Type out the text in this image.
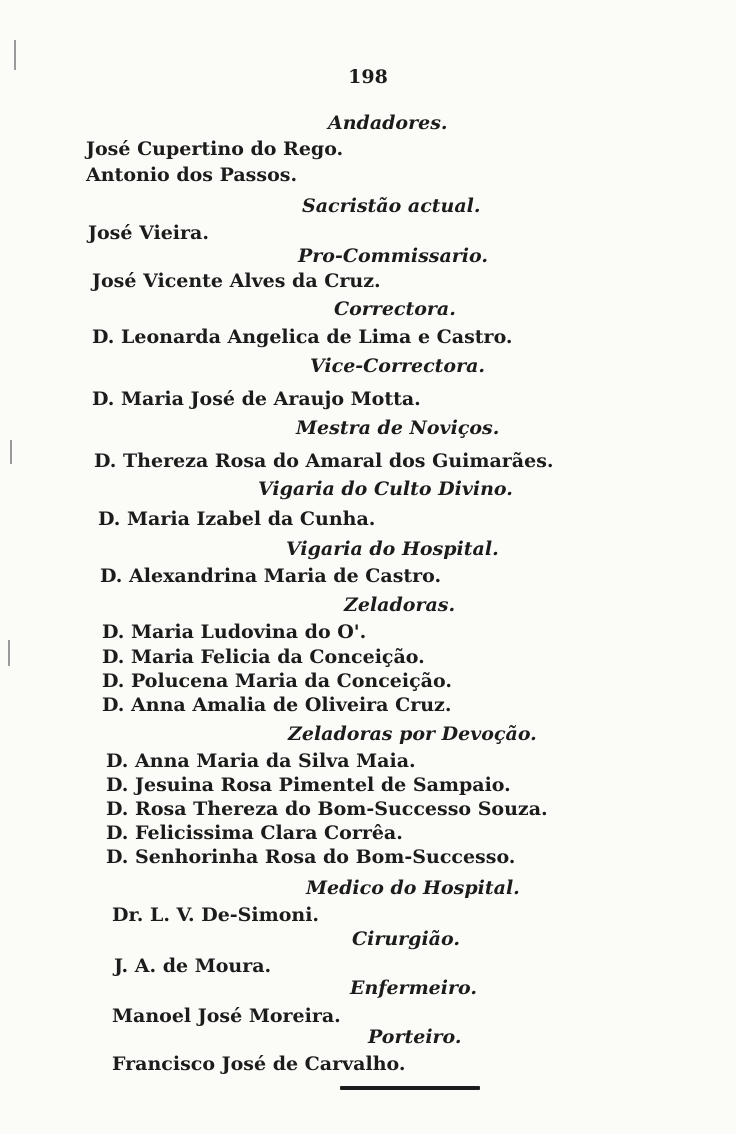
198
Andadores.
José Cupertino do Rego.
Antonio dos Passos.
Sacristão actual.
José Vieira.
Pro-Commissario.
José Vicente Alves da Cruz.
Correctora.
D. Leonarda Angelica de Lima e Castro.
Vice-Correctora.
D. Maria José de Araujo Motta.
Mestra de Noviços.
D. Thereza Rosa do Amaral dos Guimarães.
Vigaria do Culto Divino.
D. Maria Izabel da Cunha.
Vigaria do Hospital.
D. Alexandrina Maria de Castro.
Zeladoras.
D. Maria Ludovina do O'.
D. Maria Felicia da Conceição.
D. Polucena Maria da Conceição.
D. Anna Amalia de Oliveira Cruz.
Zeladoras por Devoção.
D. Anna Maria da Silva Maia.
D. Jesuina Rosa Pimentel de Sampaio.
D. Rosa Thereza do Bom-Successo Souza.
D. Felicissima Clara Corrêa.
D. Senhorinha Rosa do Bom-Successo.
Medico do Hospital.
Dr. L. V. De-Simoni.
Cirurgião.
J. A. de Moura.
Enfermeiro.
Manoel José Moreira.
Porteiro.
Francisco José de Carvalho.
